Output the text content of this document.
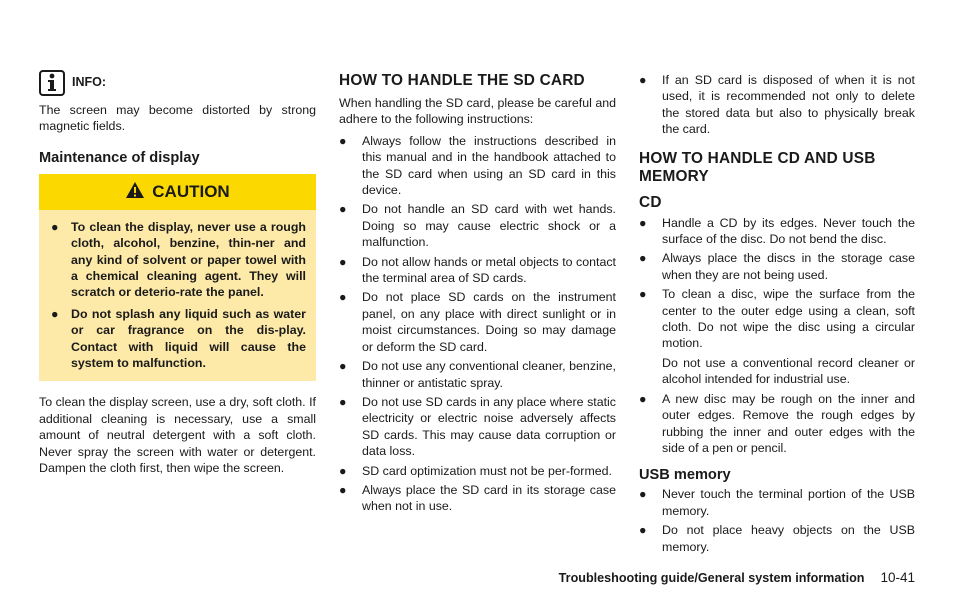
INFO:

The screen may become distorted by strong magnetic fields.

Maintenance of display
CAUTION
● To clean the display, never use a rough cloth, alcohol, benzine, thin-ner and any kind of solvent or paper towel with a chemical cleaning agent. They will scratch or deterio-rate the panel.
● Do not splash any liquid such as water or car fragrance on the dis-play. Contact with liquid will cause the system to malfunction.

To clean the display screen, use a dry, soft cloth. If additional cleaning is necessary, use a small amount of neutral detergent with a soft cloth. Never spray the screen with water or detergent. Dampen the cloth first, then wipe the screen.

HOW TO HANDLE THE SD CARD

When handling the SD card, please be careful and adhere to the following instructions:

● Always follow the instructions described in this manual and in the handbook attached to the SD card when using an SD card in this device.
● Do not handle an SD card with wet hands. Doing so may cause electric shock or a malfunction.
● Do not allow hands or metal objects to contact the terminal area of SD cards.
● Do not place SD cards on the instrument panel, on any place with direct sunlight or in moist circumstances. Doing so may damage or deform the SD card.
● Do not use any conventional cleaner, benzine, thinner or antistatic spray.
● Do not use SD cards in any place where static electricity or electric noise adversely affects SD cards. This may cause data corruption or data loss.
● SD card optimization must not be per-formed.
● Always place the SD card in its storage case when not in use.
● If an SD card is disposed of when it is not used, it is recommended not only to delete the stored data but also to physically break the card.
HOW TO HANDLE CD AND USB MEMORY
CD
● Handle a CD by its edges. Never touch the surface of the disc. Do not bend the disc.
● Always place the discs in the storage case when they are not being used.
● To clean a disc, wipe the surface from the center to the outer edge using a clean, soft cloth. Do not wipe the disc using a circular motion.

Do not use a conventional record cleaner or alcohol intended for industrial use.

● A new disc may be rough on the inner and outer edges. Remove the rough edges by rubbing the inner and outer edges with the side of a pen or pencil.
USB memory
● Never touch the terminal portion of the USB memory.
● Do not place heavy objects on the USB memory.
Troubleshooting guide/General system information 10-41
